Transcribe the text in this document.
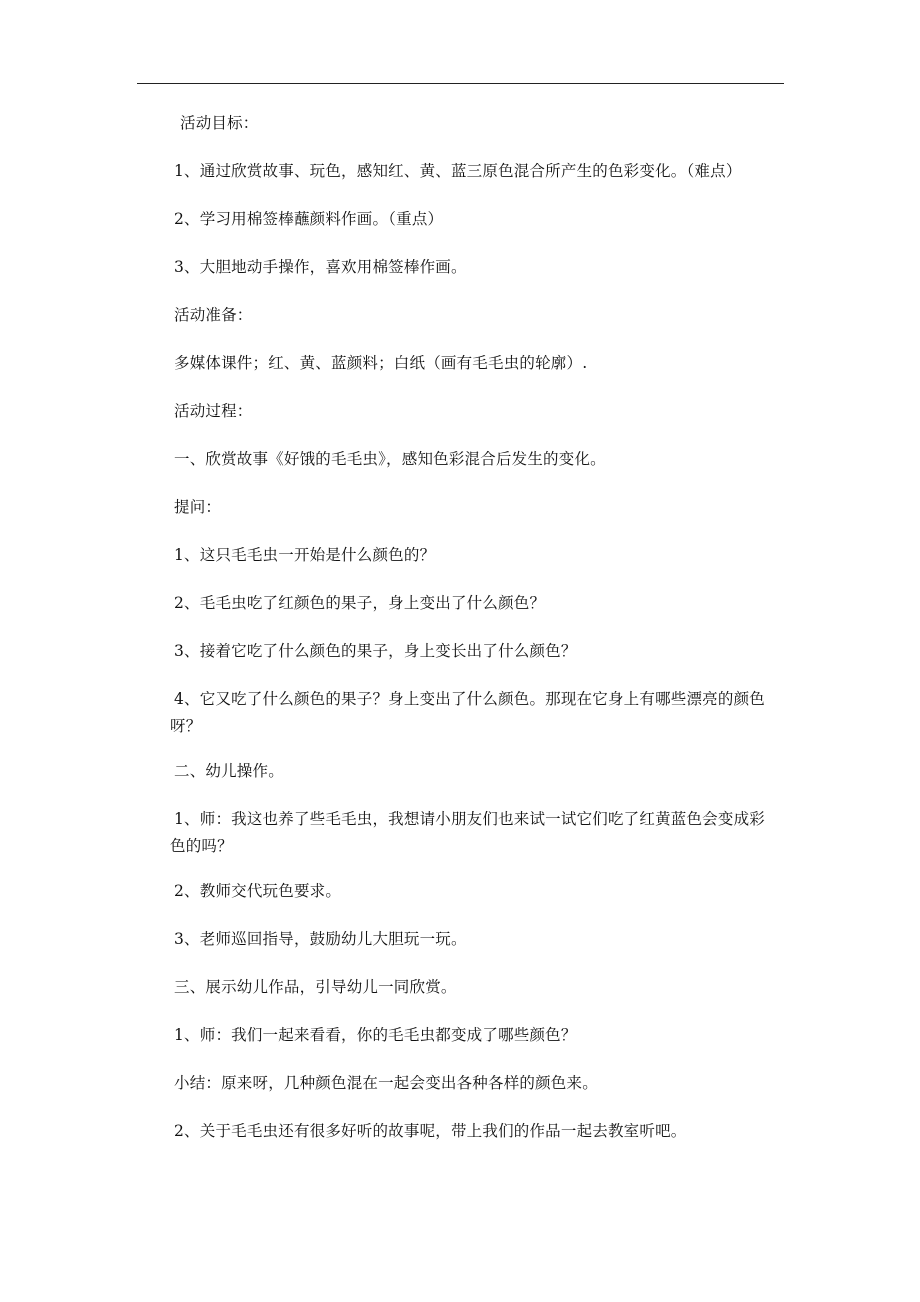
活动目标：
1、通过欣赏故事、玩色，感知红、黄、蓝三原色混合所产生的色彩变化。（难点）
2、学习用棉签棒蘸颜料作画。（重点）
3、大胆地动手操作，喜欢用棉签棒作画。
活动准备：
多媒体课件；红、黄、蓝颜料；白纸（画有毛毛虫的轮廓）.
活动过程：
一、欣赏故事《好饿的毛毛虫》，感知色彩混合后发生的变化。
提问：
1、这只毛毛虫一开始是什么颜色的？
2、毛毛虫吃了红颜色的果子，身上变出了什么颜色？
3、接着它吃了什么颜色的果子，身上变长出了什么颜色？
4、它又吃了什么颜色的果子？身上变出了什么颜色。那现在它身上有哪些漂亮的颜色
呀？
二、幼儿操作。
1、师：我这也养了些毛毛虫，我想请小朋友们也来试一试它们吃了红黄蓝色会变成彩
色的吗？
2、教师交代玩色要求。
3、老师巡回指导，鼓励幼儿大胆玩一玩。
三、展示幼儿作品，引导幼儿一同欣赏。
1、师：我们一起来看看，你的毛毛虫都变成了哪些颜色？
小结：原来呀，几种颜色混在一起会变出各种各样的颜色来。
2、关于毛毛虫还有很多好听的故事呢，带上我们的作品一起去教室听吧。
